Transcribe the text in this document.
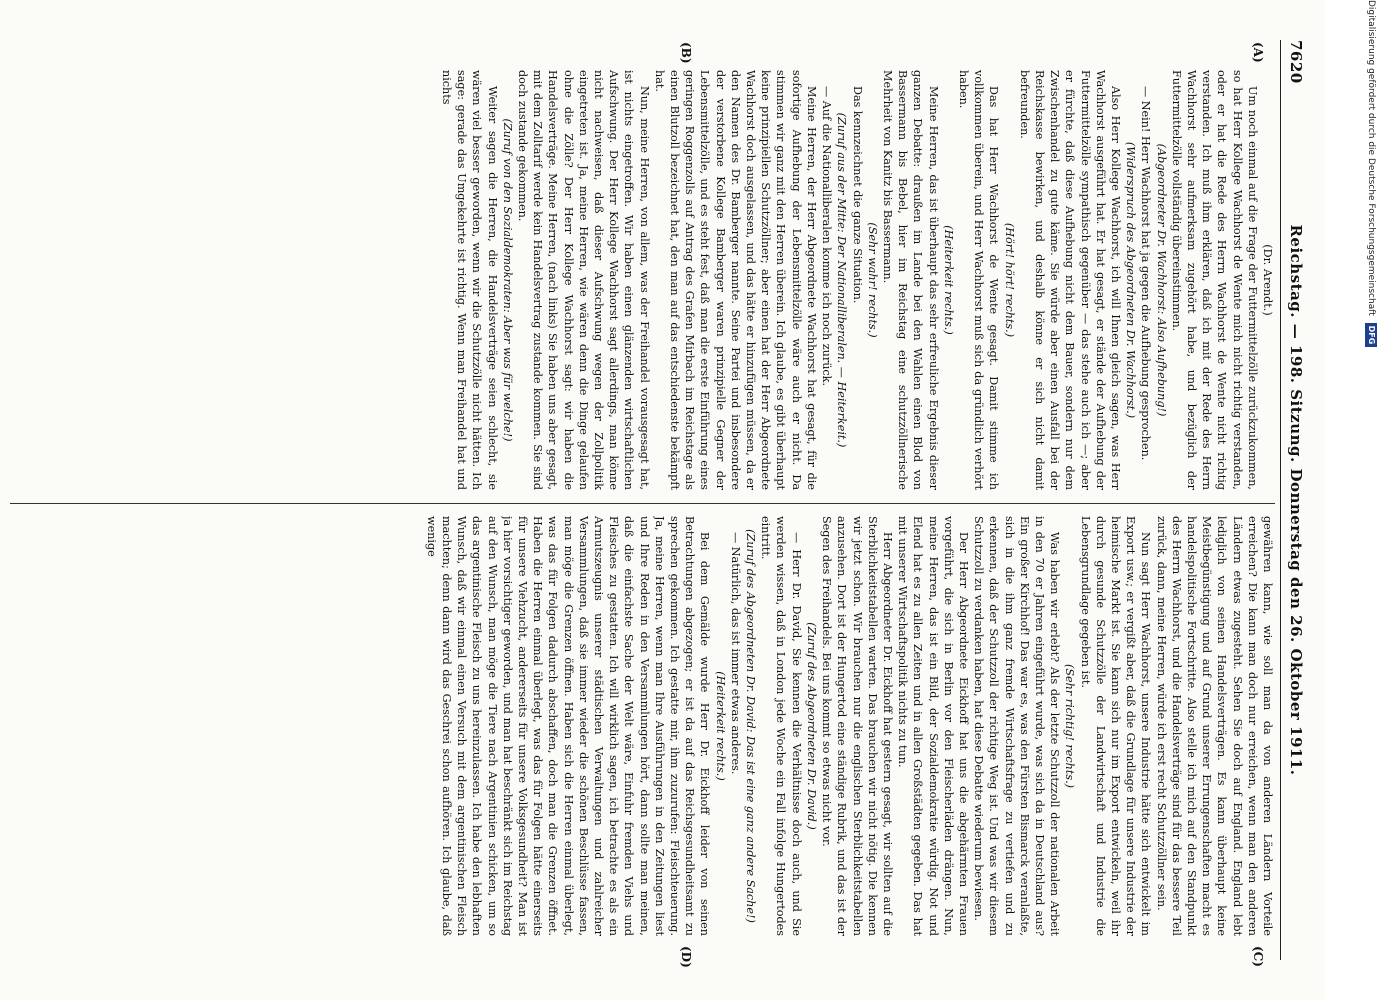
7620
Reichstag. — 198. Sitzung. Donnerstag den 26. Oktober 1911.
(A)
(B)
(C)
(D)

(Dr. Arendt.)

Um noch einmal auf die Frage der Futtermittelzölle zurückzukommen, so hat Herr Kollege Wachhorst de Wente mich nicht richtig verstanden, oder er hat die Rede des Herrn Wachhorst de Wente nicht richtig verstanden. Ich muß ihm erklären, daß ich mit der Rede des Herrn Wachhorst sehr aufmerksam zugehört habe, und bezüglich der Futtermittelzölle vollständig übereinstimmen.

(Abgeordneter Dr. Wachhorst: Also Aufhebung!)

— Nein! Herr Wachhorst hat ja gegen die Aufhebung gesprochen.

(Widerspruch des Abgeordneten Dr. Wachhorst.)

Also Herr Kollege Wachhorst, ich will Ihnen gleich sagen, was Herr Wachhorst ausgeführt hat. Er hat gesagt, er stände der Aufhebung der Futtermittelzölle sympathisch gegenüber — das stehe auch ich —; aber er fürchte, daß diese Aufhebung nicht dem Bauer, sondern nur dem Zwischenhandel zu gute käme. Sie würde aber einen Ausfall bei der Reichskasse bewirken, und deshalb könne er sich nicht damit befreunden.

(Hört! hört! rechts.)

Das hat Herr Wachhorst de Wente gesagt. Damit stimme ich vollkommen überein, und Herr Wachhorst muß sich da gründlich verhört haben.

(Heiterkeit rechts.)

Meine Herren, das ist überhaupt das sehr erfreuliche Ergebnis dieser ganzen Debatte: draußen im Lande bei den Wahlen einen Blod von Bassermann bis Bebel, hier im Reichstag eine schutzzöllnerische Mehrheit von Kanitz bis Bassermann.

(Sehr wahr! rechts.)

Das kennzeichnet die ganze Situation.

(Zuruf aus der Mitte: Der Nationalliberalen. — Heiterkeit.)

— Auf die Nationalliberalen komme ich noch zurück.

Meine Herren, der Herr Abgeordnete Wachhorst hat gesagt, für die sofortige Aufhebung der Lebensmittelzölle wäre auch er nicht. Da stimmen wir ganz mit den Herren überein. Ich glaube, es gibt überhaupt keine prinzipiellen Schutzzöllner; aber einen hat der Herr Abgeordnete Wachhorst doch ausgelassen, und das hätte er hinzufügen müssen, da er den Namen des Dr. Bamberger nannte. Seine Partei und insbesondere der verstorbene Kollege Bamberger waren prinzipielle Gegner der Lebensmittelzölle, und es steht fest, daß man die erste Einführung eines geringen Roggenzolls auf Antrag des Grafen Mirbach im Reichstage als einen Blutzoll bezeichnet hat, den man auf das entschiedenste bekämpft hat.

Nun, meine Herren, von allem, was der Freihandel vorausgesagt hat, ist nichts eingetroffen. Wir haben einen glänzenden wirtschaftlichen Aufschwung. Der Herr Kollege Wachhorst sagt allerdings, man könne nicht nachweisen, daß dieser Aufschwung wegen der Zollpolitik eingetreten ist. Ja, meine Herren, wie wären denn die Dinge gelaufen ohne die Zölle? Der Herr Kollege Wachhorst sagt: wir haben die Handelsverträge. Meine Herren, (nach links) Sie haben uns aber gesagt, mit dem Zolltarif werde kein Handelsvertrag zustande kommen. Sie sind doch zustande gekommen.

(Zuruf von den Sozialdemokraten: Aber was für welche!)

Weiter sagen die Herren, die Handelsverträge seien schlecht, sie wären viel besser geworden, wenn wir die Schutzzölle nicht hätten. Ich sage: gerade das Umgekehrte ist richtig. Wenn man Freihandel hat und nichts

gewähren kann, wie soll man da von anderen Ländern Vorteile erreichen? Die kann man doch nur erreichen, wenn man den anderen Ländern etwas zugesteht. Sehen Sie doch auf England. England lebt lediglich von seinen Handelsverträgen. Es kann überhaupt keine Meistbegünstigung und auf Grund unserer Errungenschaften macht es handelspolitische Fortschritte. Also stelle ich mich auf den Standpunkt des Herrn Wachhorst, und die Handelsverträge sind für das bessere Teil zurück, dann, meine Herren, würde ich erst recht Schutzzöllner sein.

Nun sagt Herr Wachhorst, unsere Industrie hätte sich entwickelt im Export usw.; er vergißt aber, daß die Grundlage für unsere Industrie der heimische Markt ist. Sie kann sich nur im Export entwickeln, weil ihr durch gesunde Schutzzölle der Landwirtschaft und Industrie die Lebensgrundlage gegeben ist.

(Sehr richtig! rechts.)

Was haben wir erlebt? Als der letzte Schutzzoll der nationalen Arbeit in den 70 er Jahren eingeführt wurde, was sich da in Deutschland aus? Ein großer Kirchhof! Das war es, was den Fürsten Bismarck veranlaßte, sich in die ihm ganz fremde Wirtschaftsfrage zu vertiefen und zu erkennen, daß der Schutzzoll der richtige Weg ist. Und was wir diesem Schutzzoll zu verdanken haben, hat diese Debatte wiederum bewiesen.

Der Herr Abgeordnete Eickhoff hat uns die abgehärmten Frauen vorgeführt, die sich in Berlin vor den Fleischerläden drängen. Nun, meine Herren, das ist ein Bild, der Sozialdemokratie würdig. Not und Elend hat es zu allen Zeiten und in allen Großstädten gegeben. Das hat mit unserer Wirtschaftspolitik nichts zu tun.

Herr Abgeordneter Dr. Eickhoff hat gestern gesagt, wir sollten auf die Sterblichkeitstabellen warten. Das brauchen wir nicht nötig. Die kennen wir jetzt schon. Wir brauchen nur die englischen Sterblichkeitstabellen anzusehen. Dort ist der Hungertod eine ständige Rubrik, und das ist der Segen des Freihandels. Bei uns kommt so etwas nicht vor.

(Zuruf des Abgeordneten Dr. David.)

— Herr Dr. David, Sie kennen die Verhältnisse doch auch, und Sie werden wissen, daß in London jede Woche ein Fall infolge Hungertodes eintritt.

(Zuruf des Abgeordneten Dr. David: Das ist eine ganz andere Sache!)

— Natürlich, das ist immer etwas anderes.

(Heiterkeit rechts.)

Bei dem Gemälde wurde Herr Dr. Eickhoff leider von seinen Betrachtungen abgezogen; er ist da auf das Reichsgesundheitsamt zu sprechen gekommen. Ich gestatte mir, ihm zuzurufen: Fleischteuerung. Ja, meine Herren, wenn man Ihre Ausführungen in den Zeitungen liest und Ihre Reden in den Versammlungen hört, dann sollte man meinen, daß die einfachste Sache der Welt wäre, Einfuhr fremden Viehs und Fleisches zu gestatten. Ich will wirklich sagen, ich betrachte es als ein Armutszeugnis unserer städtischen Verwaltungen und zahlreicher Versammlungen, daß sie immer wieder die schönen Beschlüsse fassen, man möge die Grenzen öffnen. Haben sich die Herren einmal überlegt, was das für Folgen dadurch abschaffen, doch man die Grenzen öffnet. Haben die Herren einmal überlegt, was das für Folgen hätte einerseits für unsere Viehzucht, andererseits für unsere Volksgesundheit? Man ist ja hier vorsichtiger geworden, und man hat beschränkt sich im Reichstag auf den Wunsch, man möge die Tiere nach Argentinien schicken, um so das argentinische Fleisch zu uns hereinzulassen. Ich habe den lebhaften Wunsch, daß wir einmal einen Versuch mit dem argentinischen Fleisch machten; denn dann wird das Geschrei schon aufhören. Ich glaube, daß wenige

Digitalisierung gefördert durch die Deutsche Forschungsgemeinschaft DFG
